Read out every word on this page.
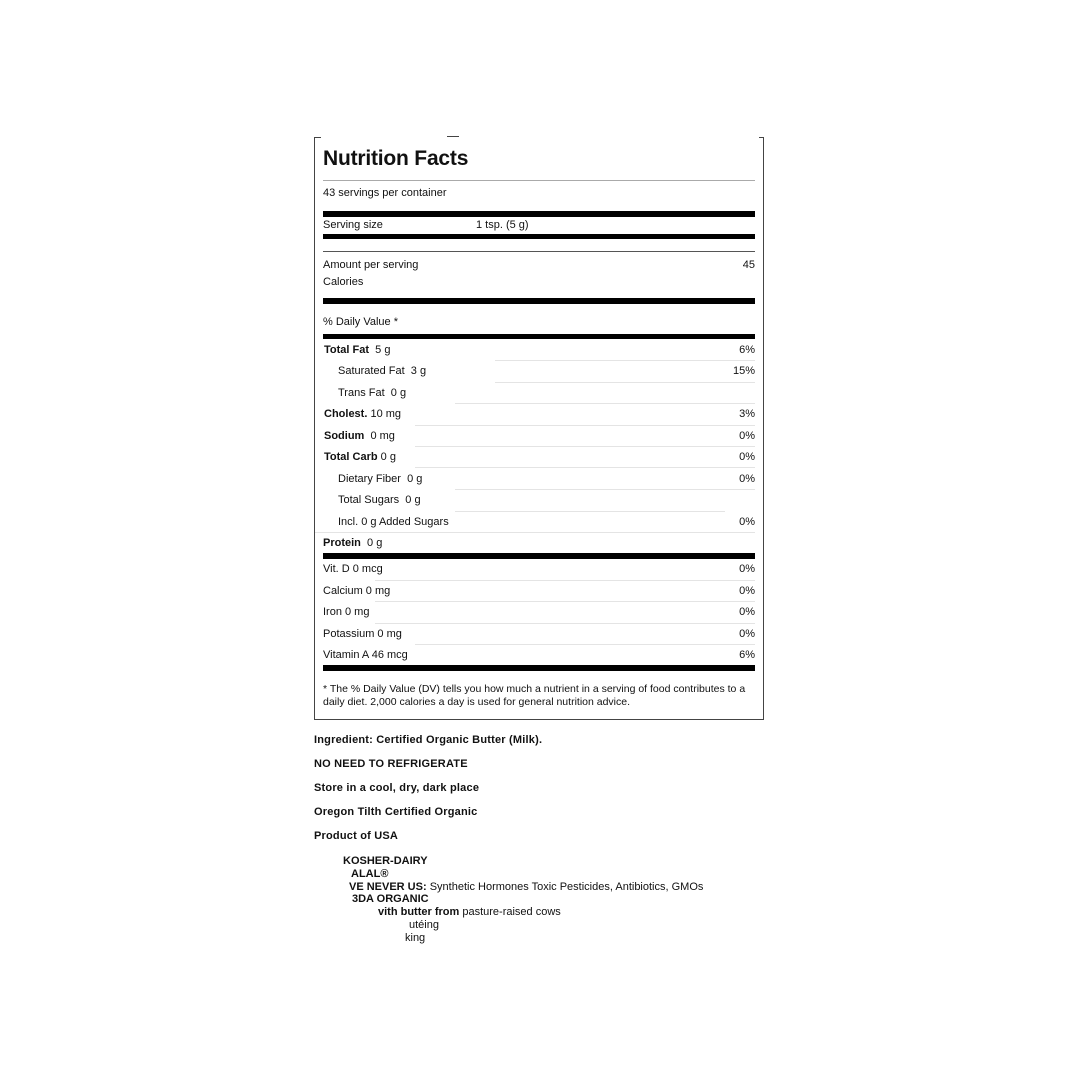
Nutrition Facts
43 servings per container
Serving size	1 tsp. (5 g)
Amount per serving	45
Calories
% Daily Value *
Total Fat 5 g	6%
Saturated Fat 3 g	15%
Trans Fat 0 g
Cholest. 10 mg	3%
Sodium 0 mg	0%
Total Carb 0 g	0%
Dietary Fiber 0 g	0%
Total Sugars 0 g
Incl. 0 g Added Sugars	0%
Protein 0 g
Vit. D 0 mcg	0%
Calcium 0 mg	0%
Iron 0 mg	0%
Potassium 0 mg	0%
Vitamin A 46 mcg	6%
* The % Daily Value (DV) tells you how much a nutrient in a serving of food contributes to a daily diet. 2,000 calories a day is used for general nutrition advice.
Ingredient: Certified Organic Butter (Milk).
NO NEED TO REFRIGERATE
Store in a cool, dry, dark place
Oregon Tilth Certified Organic
Product of USA
KOSHER-DAIRY
ALAL®
VE NEVER US: Synthetic Hormones Toxic Pesticides, Antibiotics, GMOs
3DA ORGANIC
vith butter from pasture-raised cows
utéing
king
